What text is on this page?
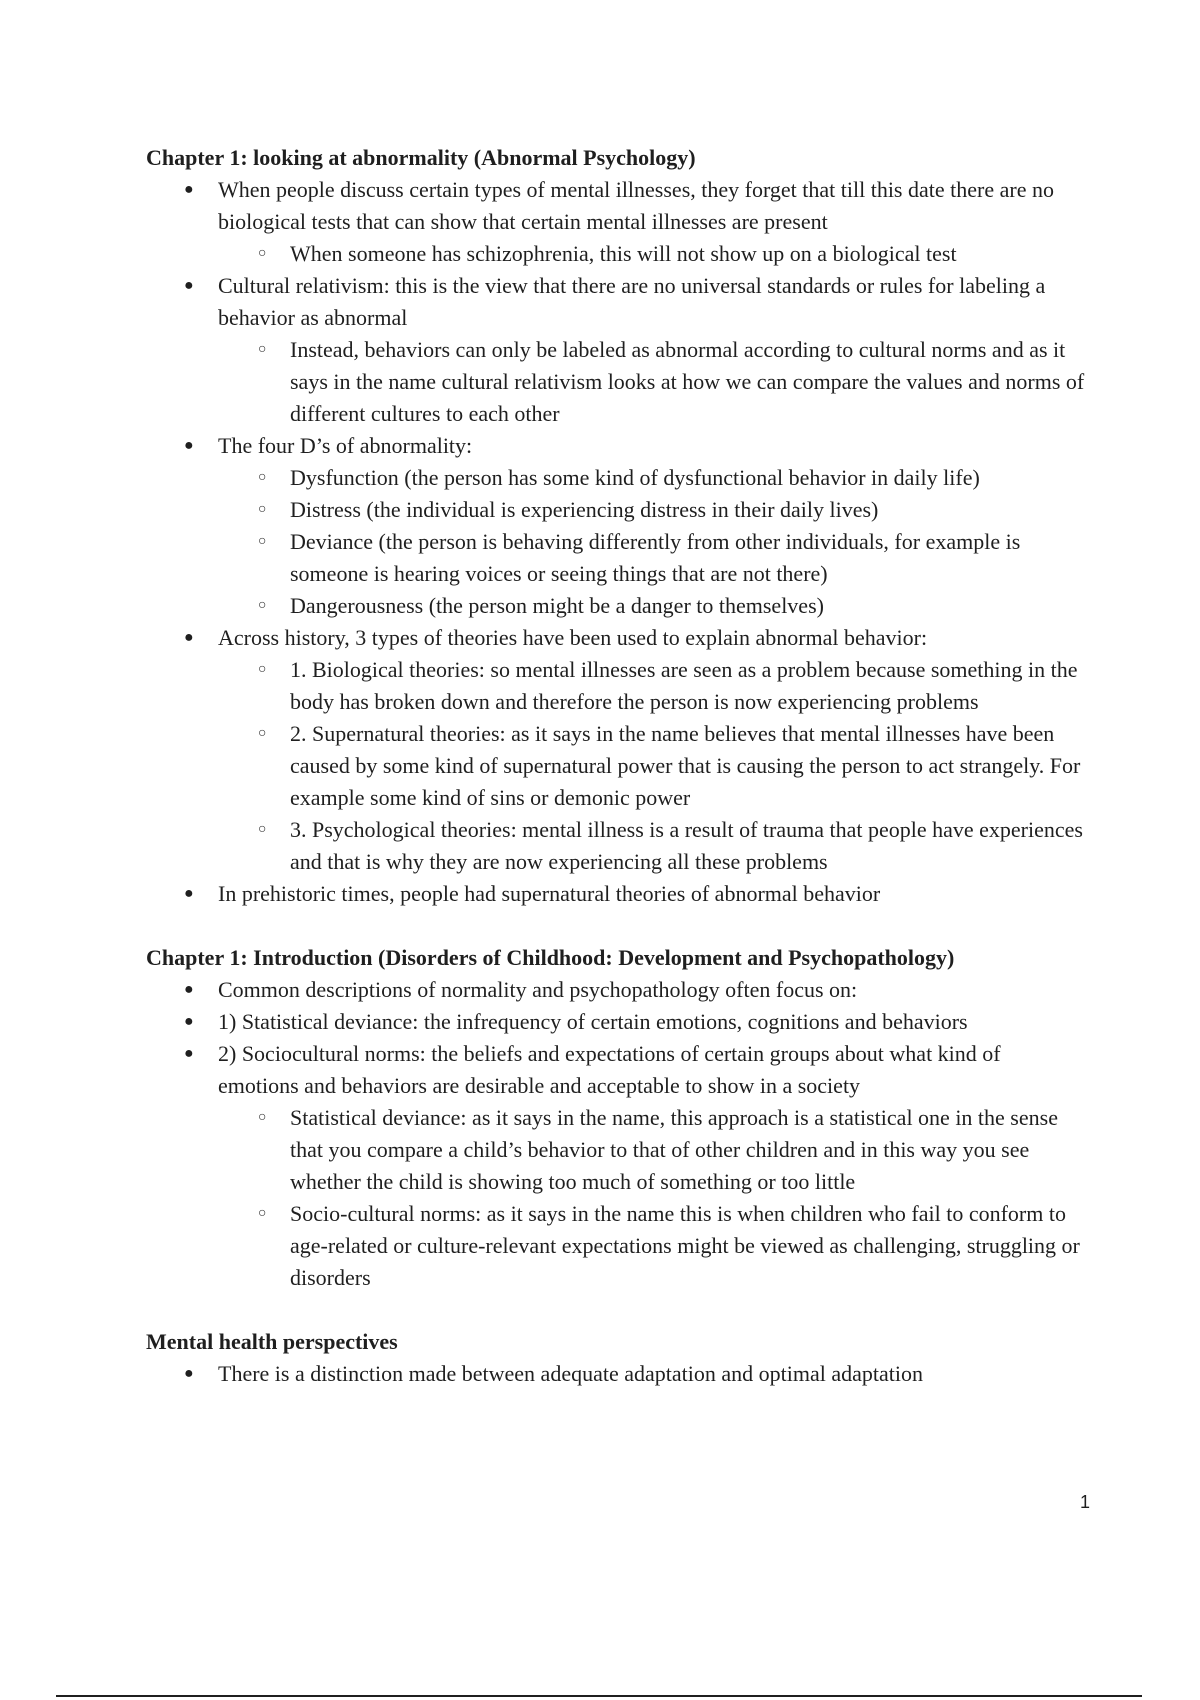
Chapter 1: looking at abnormality (Abnormal Psychology)
● When people discuss certain types of mental illnesses, they forget that till this date there are no biological tests that can show that certain mental illnesses are present
○ When someone has schizophrenia, this will not show up on a biological test
● Cultural relativism: this is the view that there are no universal standards or rules for labeling a behavior as abnormal
○ Instead, behaviors can only be labeled as abnormal according to cultural norms and as it says in the name cultural relativism looks at how we can compare the values and norms of different cultures to each other
● The four D’s of abnormality:
○ Dysfunction (the person has some kind of dysfunctional behavior in daily life)
○ Distress (the individual is experiencing distress in their daily lives)
○ Deviance (the person is behaving differently from other individuals, for example is someone is hearing voices or seeing things that are not there)
○ Dangerousness (the person might be a danger to themselves)
● Across history, 3 types of theories have been used to explain abnormal behavior:
○ 1. Biological theories: so mental illnesses are seen as a problem because something in the body has broken down and therefore the person is now experiencing problems
○ 2. Supernatural theories: as it says in the name believes that mental illnesses have been caused by some kind of supernatural power that is causing the person to act strangely. For example some kind of sins or demonic power
○ 3. Psychological theories: mental illness is a result of trauma that people have experiences and that is why they are now experiencing all these problems
● In prehistoric times, people had supernatural theories of abnormal behavior
Chapter 1: Introduction (Disorders of Childhood: Development and Psychopathology)
● Common descriptions of normality and psychopathology often focus on:
● 1) Statistical deviance: the infrequency of certain emotions, cognitions and behaviors
● 2) Sociocultural norms: the beliefs and expectations of certain groups about what kind of emotions and behaviors are desirable and acceptable to show in a society
○ Statistical deviance: as it says in the name, this approach is a statistical one in the sense that you compare a child’s behavior to that of other children and in this way you see whether the child is showing too much of something or too little
○ Socio-cultural norms: as it says in the name this is when children who fail to conform to age-related or culture-relevant expectations might be viewed as challenging, struggling or disorders
Mental health perspectives
● There is a distinction made between adequate adaptation and optimal adaptation
1
